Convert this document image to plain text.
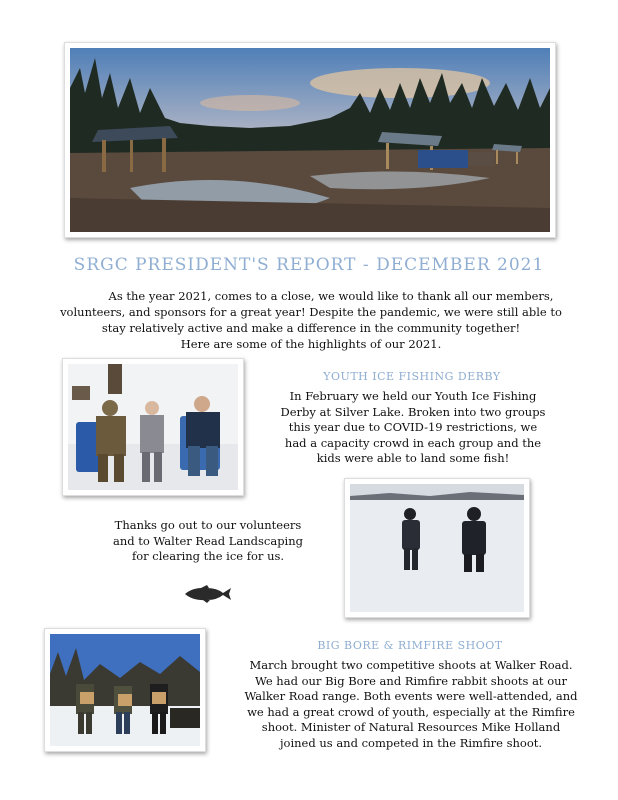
SRGC PRESIDENT'S REPORT - DECEMBER 2021
As the year 2021, comes to a close, we would like to thank all our members,
volunteers, and sponsors for a great year! Despite the pandemic, we were still able to
stay relatively active and make a difference in the community together!
Here are some of the highlights of our 2021.
YOUTH ICE FISHING DERBY
In February we held our Youth Ice Fishing
Derby at Silver Lake. Broken into two groups
this year due to COVID-19 restrictions, we
had a capacity crowd in each group and the
kids were able to land some fish!
Thanks go out to our volunteers
and to Walter Read Landscaping
for clearing the ice for us.
BIG BORE & RIMFIRE SHOOT
March brought two competitive shoots at Walker Road.
We had our Big Bore and Rimfire rabbit shoots at our
Walker Road range. Both events were well-attended, and
we had a great crowd of youth, especially at the Rimfire
shoot. Minister of Natural Resources Mike Holland
joined us and competed in the Rimfire shoot.
